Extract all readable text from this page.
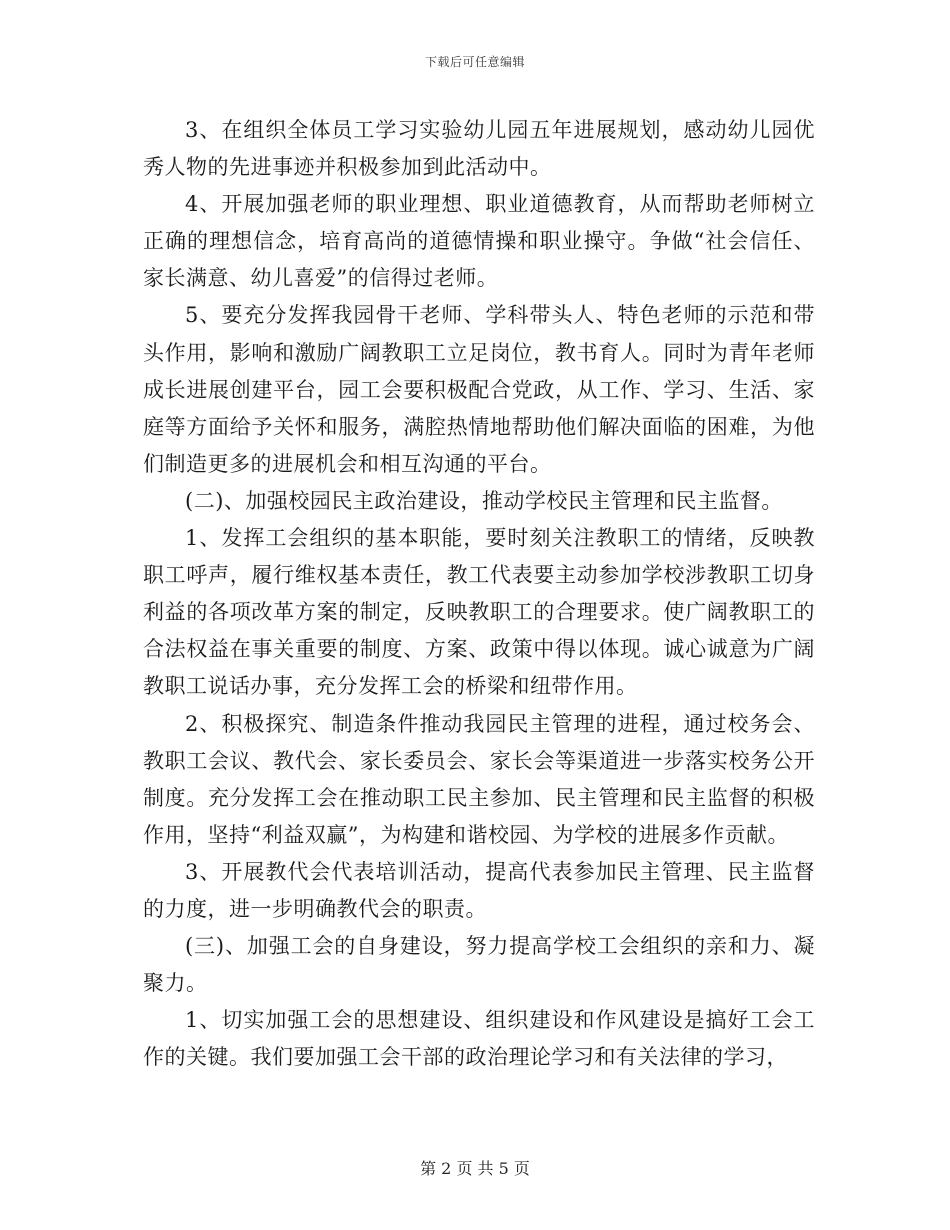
下载后可任意编辑

3、在组织全体员工学习实验幼儿园五年进展规划，感动幼儿园优秀人物的先进事迹并积极参加到此活动中。

4、开展加强老师的职业理想、职业道德教育，从而帮助老师树立正确的理想信念，培育高尚的道德情操和职业操守。争做“社会信任、家长满意、幼儿喜爱”的信得过老师。

5、要充分发挥我园骨干老师、学科带头人、特色老师的示范和带头作用，影响和激励广阔教职工立足岗位，教书育人。同时为青年老师成长进展创建平台，园工会要积极配合党政，从工作、学习、生活、家庭等方面给予关怀和服务，满腔热情地帮助他们解决面临的困难，为他们制造更多的进展机会和相互沟通的平台。

(二)、加强校园民主政治建设，推动学校民主管理和民主监督。

1、发挥工会组织的基本职能，要时刻关注教职工的情绪，反映教职工呼声，履行维权基本责任，教工代表要主动参加学校涉教职工切身利益的各项改革方案的制定，反映教职工的合理要求。使广阔教职工的合法权益在事关重要的制度、方案、政策中得以体现。诚心诚意为广阔教职工说话办事，充分发挥工会的桥梁和纽带作用。

2、积极探究、制造条件推动我园民主管理的进程，通过校务会、教职工会议、教代会、家长委员会、家长会等渠道进一步落实校务公开制度。充分发挥工会在推动职工民主参加、民主管理和民主监督的积极作用，坚持“利益双赢”，为构建和谐校园、为学校的进展多作贡献。

3、开展教代会代表培训活动，提高代表参加民主管理、民主监督的力度，进一步明确教代会的职责。

(三)、加强工会的自身建设，努力提高学校工会组织的亲和力、凝聚力。

1、切实加强工会的思想建设、组织建设和作风建设是搞好工会工作的关键。我们要加强工会干部的政治理论学习和有关法律的学习，

第 2 页 共 5 页
